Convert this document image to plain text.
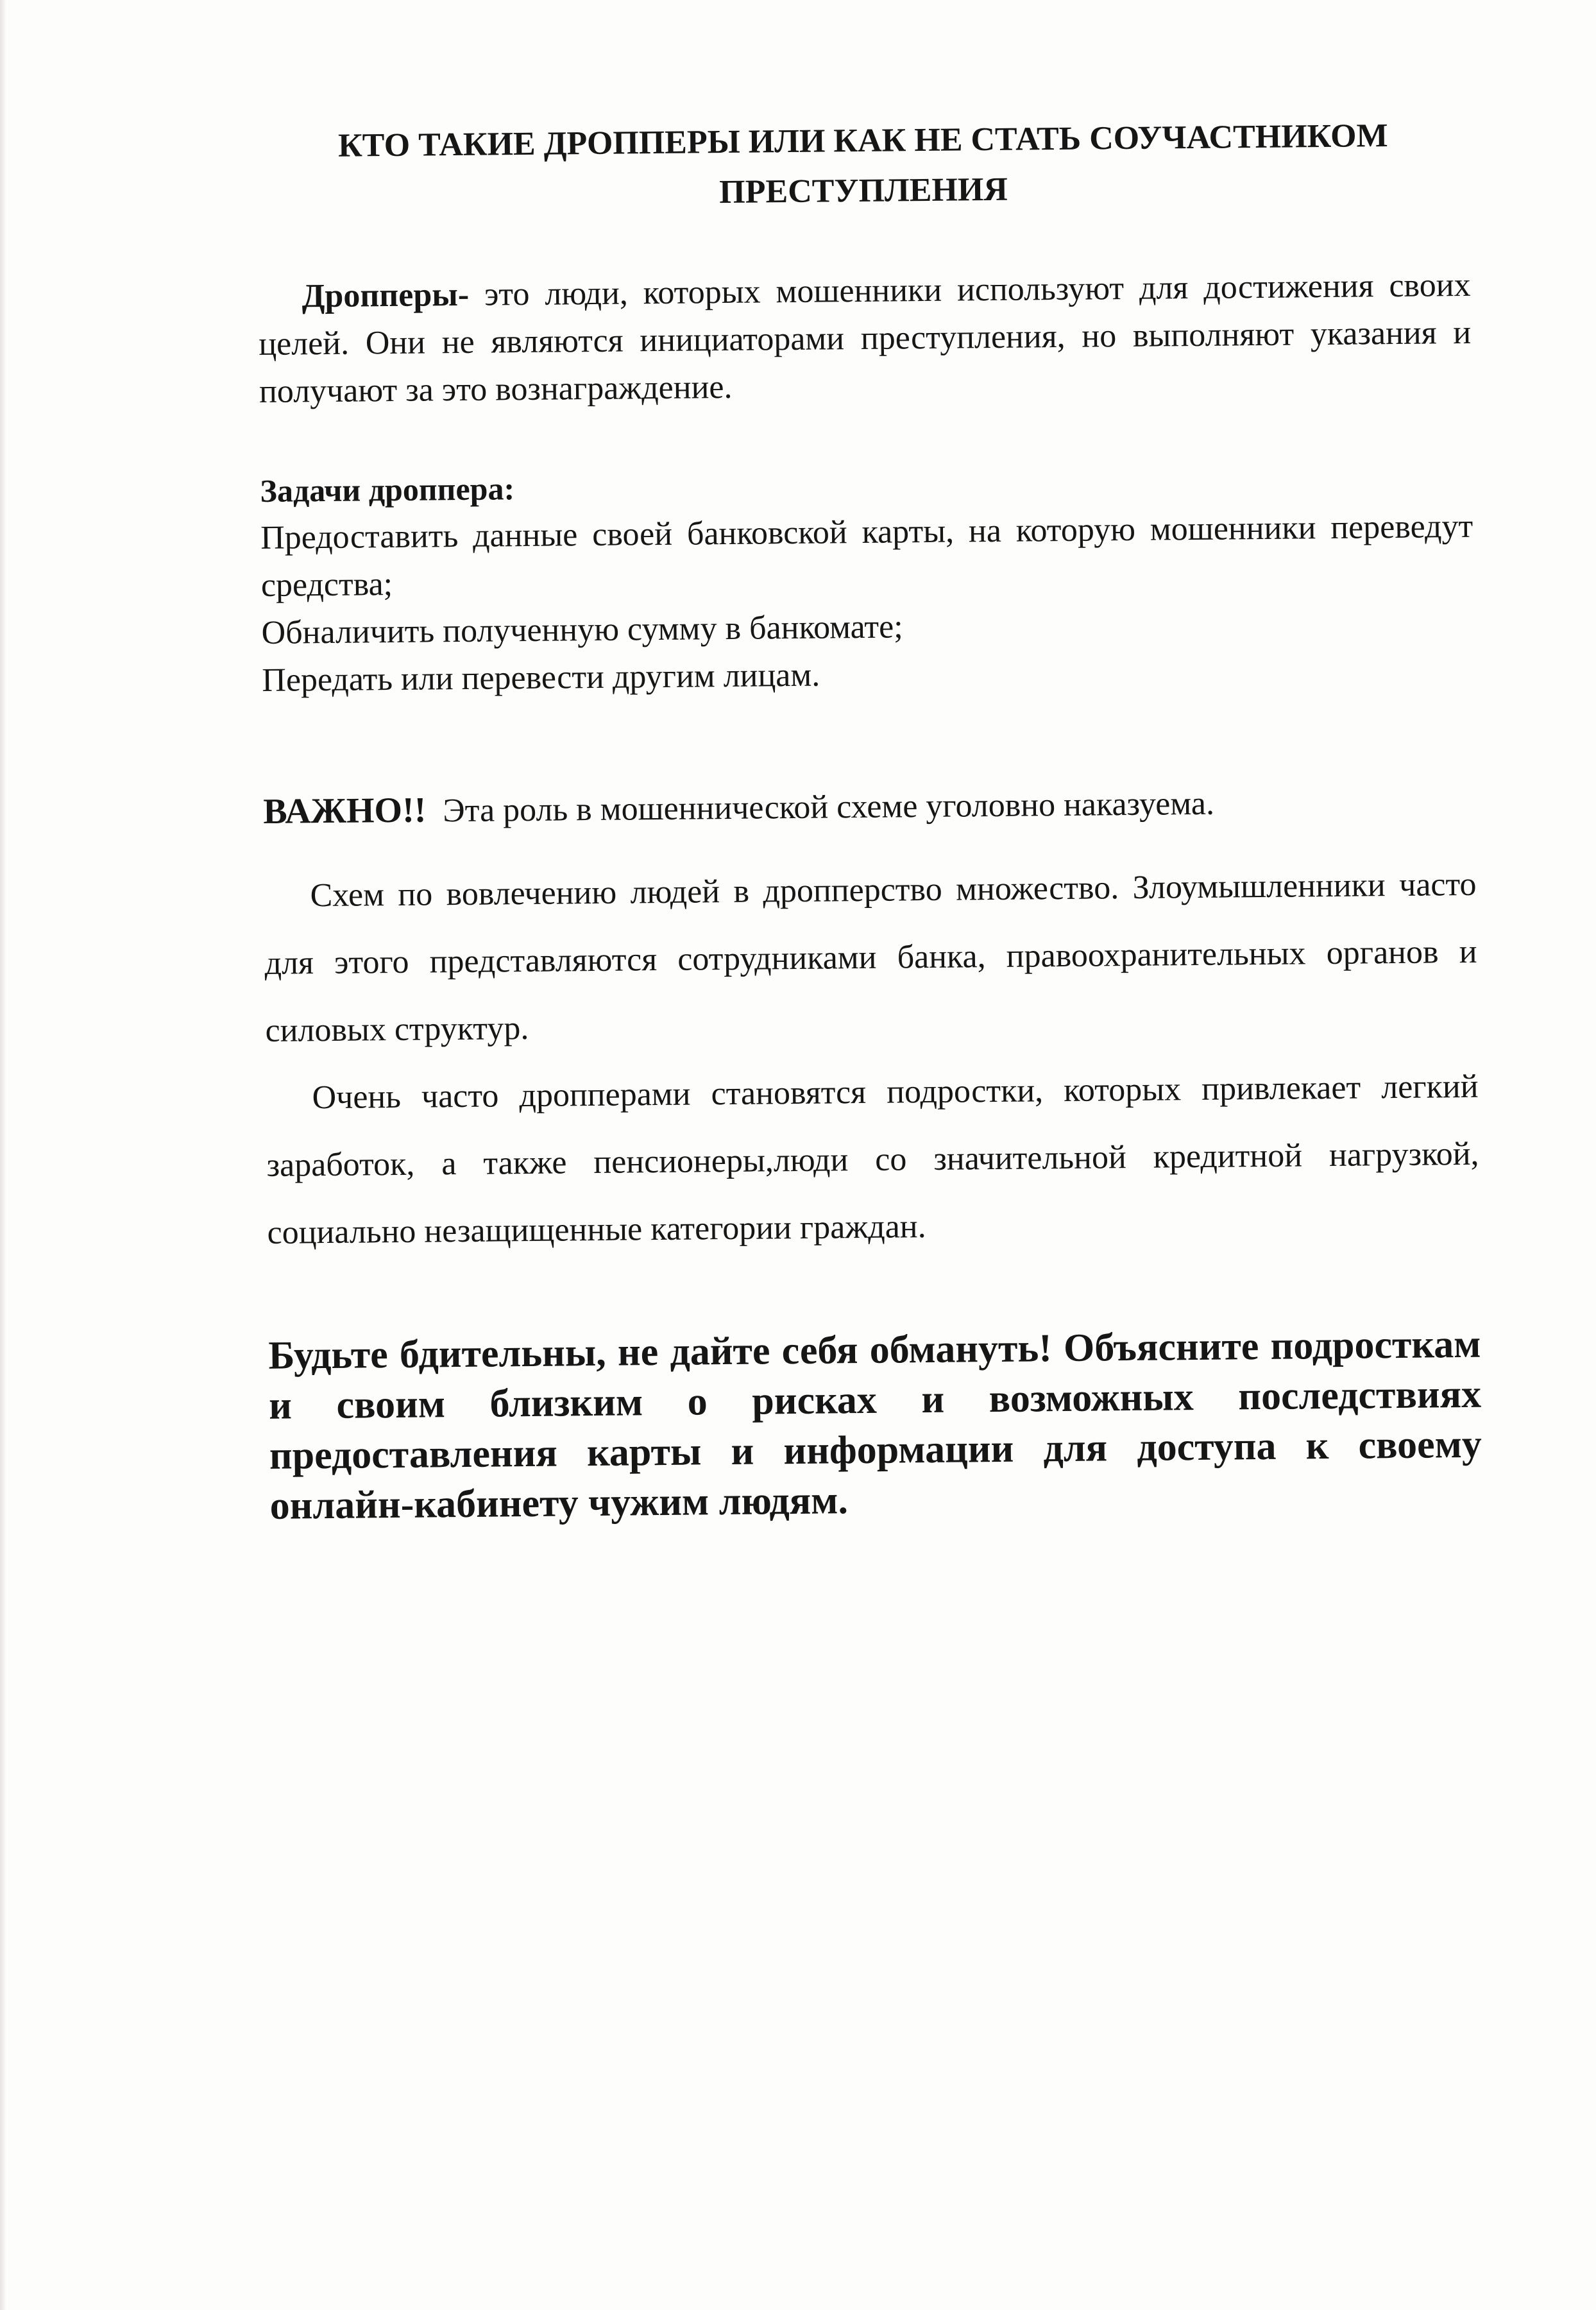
КТО ТАКИЕ ДРОППЕРЫ ИЛИ КАК НЕ СТАТЬ СОУЧАСТНИКОМ
ПРЕСТУПЛЕНИЯ

Дропперы- это люди, которых мошенники используют для достижения своих целей. Они не являются инициаторами преступления, но выполняют указания и получают за это вознаграждение.

Задачи дроппера:
Предоставить данные своей банковской карты, на которую мошенники переведут средства;
Обналичить полученную сумму в банкомате;
Передать или перевести другим лицам.

ВАЖНО!! Эта роль в мошеннической схеме уголовно наказуема.

Схем по вовлечению людей в дропперство множество. Злоумышленники часто для этого представляются сотрудниками банка, правоохранительных органов и силовых структур.

Очень часто дропперами становятся подростки, которых привлекает легкий заработок, а также пенсионеры,люди со значительной кредитной нагрузкой, социально незащищенные категории граждан.

Будьте бдительны, не дайте себя обмануть! Объясните подросткам и своим близким о рисках и возможных последствиях предоставления карты и информации для доступа к своему онлайн-кабинету чужим людям.
